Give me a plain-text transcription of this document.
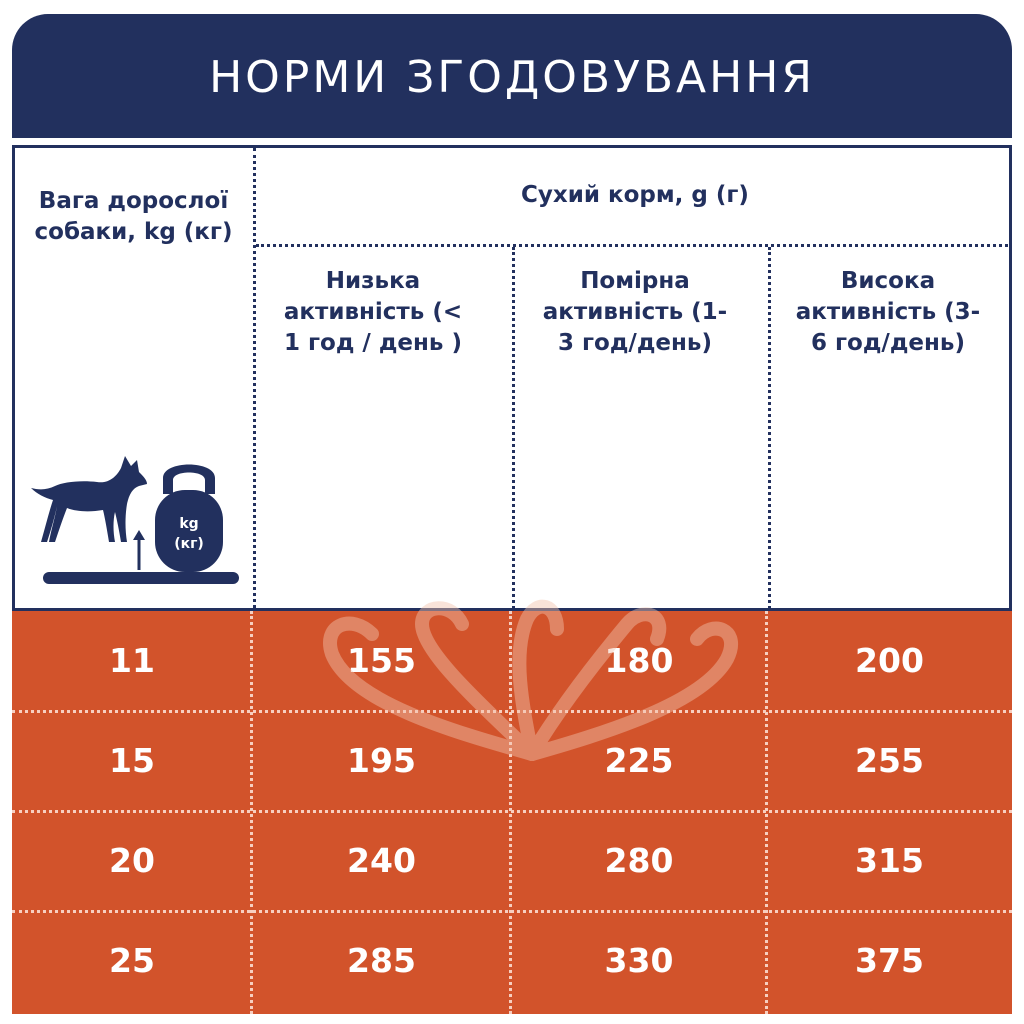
НОРМИ ЗГОДОВУВАННЯ
Вага дорослої собаки, kg (кг)
Сухий корм, g (г)
Низька активність (< 1 год / день )
Помірна активність (1-3 год/день)
Висока активність (3-6 год/день)
kg
(кг)
11	155	180	200
15	195	225	255
20	240	280	315
25	285	330	375
